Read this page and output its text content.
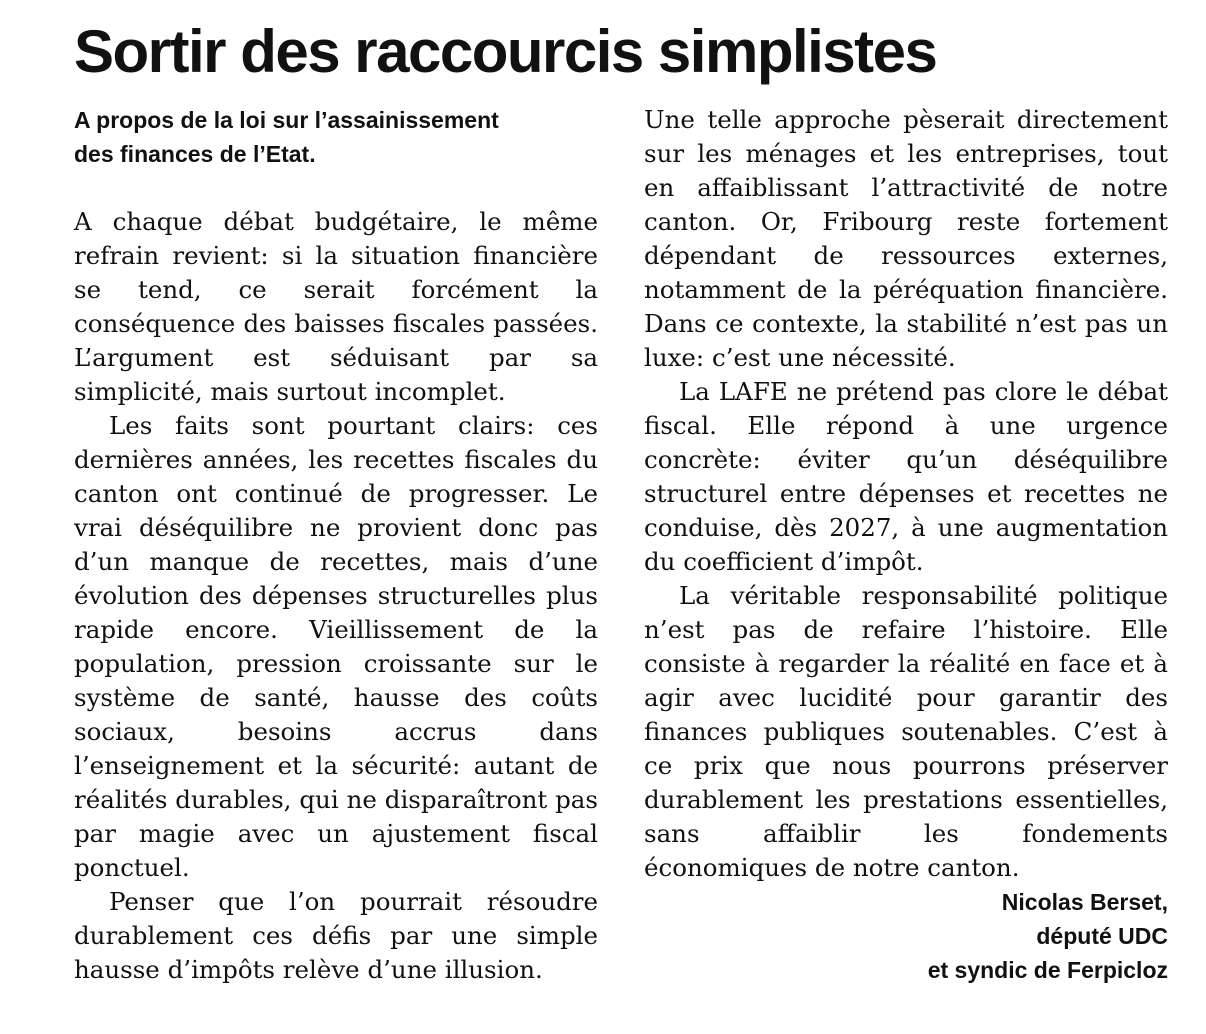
Sortir des raccourcis simplistes
A propos de la loi sur l’assainissement
des finances de l’Etat.

A chaque débat budgétaire, le même refrain revient: si la situation financière se tend, ce serait forcément la conséquence des baisses fiscales passées. L’argument est séduisant par sa simplicité, mais surtout incomplet.

Les faits sont pourtant clairs: ces dernières années, les recettes fiscales du canton ont continué de progresser. Le vrai déséquilibre ne provient donc pas d’un manque de recettes, mais d’une évolution des dépenses structurelles plus rapide encore. Vieillissement de la population, pression croissante sur le système de santé, hausse des coûts sociaux, besoins accrus dans l’enseignement et la sécurité: autant de réalités durables, qui ne disparaîtront pas par magie avec un ajustement fiscal ponctuel.

Penser que l’on pourrait résoudre durablement ces défis par une simple hausse d’impôts relève d’une illusion.

Une telle approche pèserait directement sur les ménages et les entreprises, tout en affaiblissant l’attractivité de notre canton. Or, Fribourg reste fortement dépendant de ressources externes, notamment de la péréquation financière. Dans ce contexte, la stabilité n’est pas un luxe: c’est une nécessité.

La LAFE ne prétend pas clore le débat fiscal. Elle répond à une urgence concrète: éviter qu’un déséquilibre structurel entre dépenses et recettes ne conduise, dès 2027, à une augmentation du coefficient d’impôt.

La véritable responsabilité politique n’est pas de refaire l’histoire. Elle consiste à regarder la réalité en face et à agir avec lucidité pour garantir des finances publiques soutenables. C’est à ce prix que nous pourrons préserver durablement les prestations essentielles, sans affaiblir les fondements économiques de notre canton.

Nicolas Berset,
député UDC
et syndic de Ferpicloz
